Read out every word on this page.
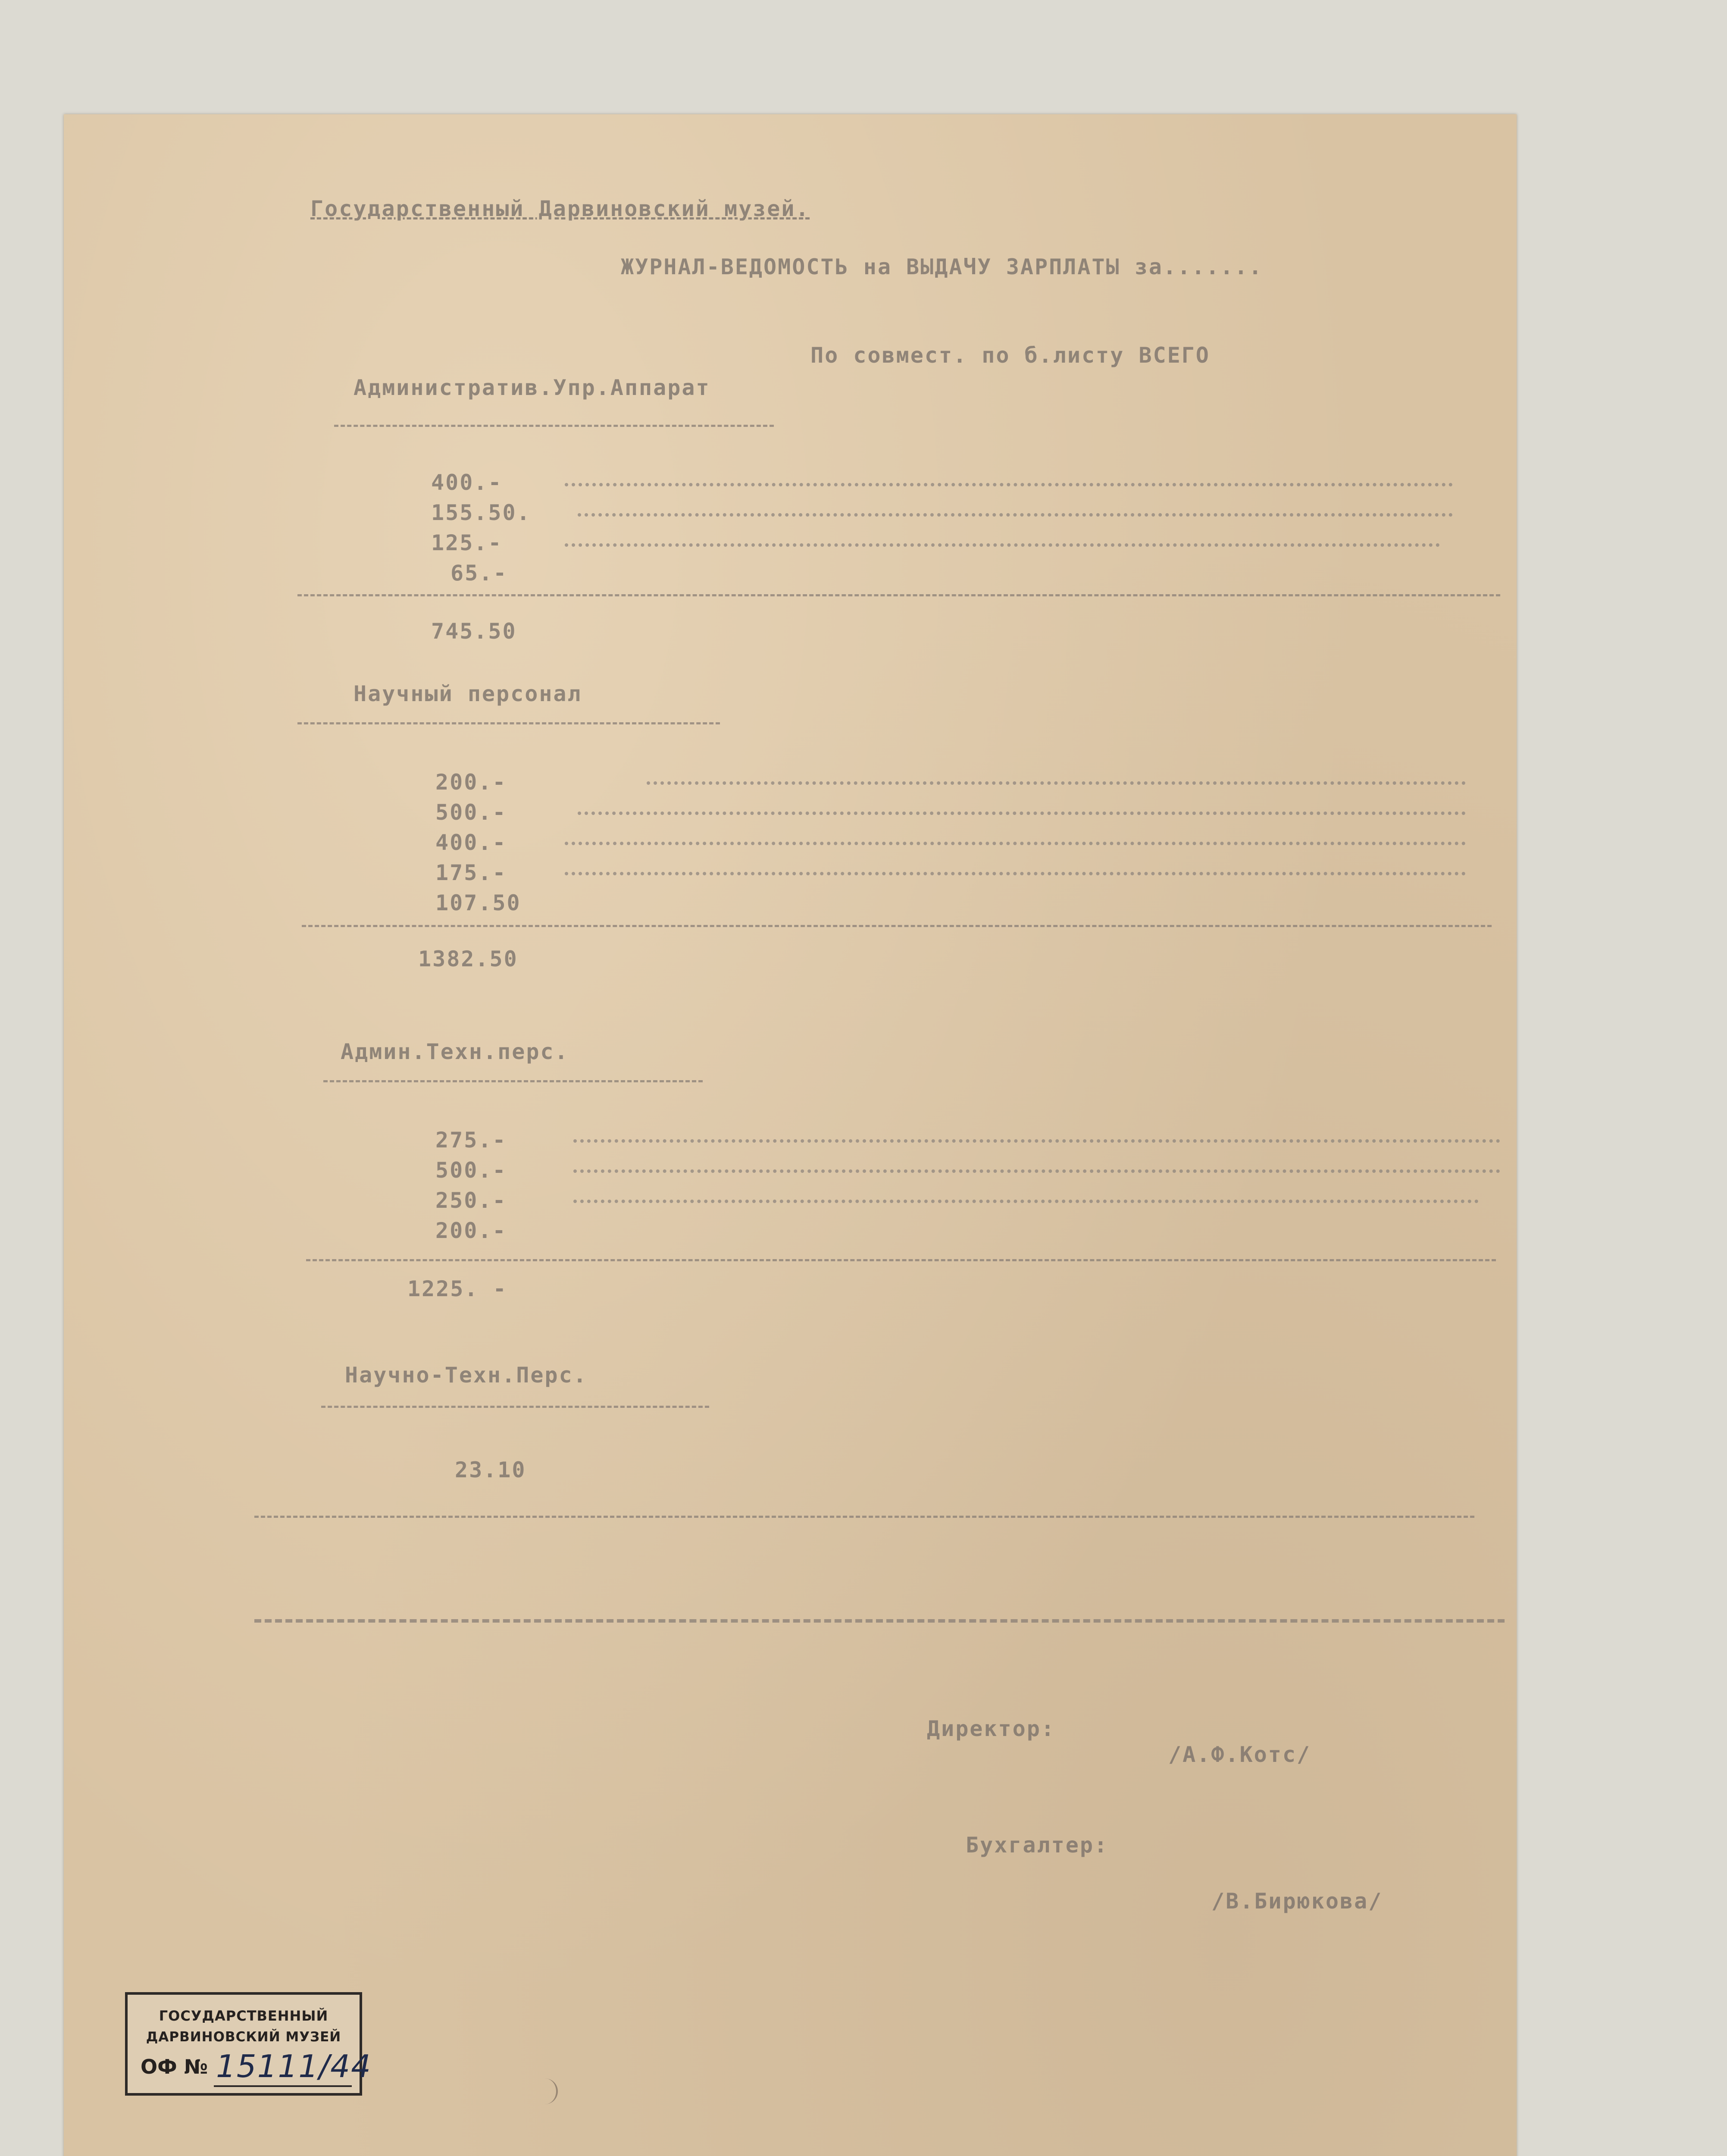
Государственный Дарвиновский музей.
ЖУРНАЛ-ВЕДОМОСТЬ на ВЫДАЧУ ЗАРПЛАТЫ за.......
По совмест. по б.листу ВСЕГО
Административ.Упр.Аппарат
400.-
155.50.
125.-
65.-
745.50
Научный персонал
200.-
500.-
400.-
175.-
107.50
1382.50
Админ.Техн.перс.
275.-
500.-
250.-
200.-
1225. -
Научно-Техн.Перс.
23.10
Директор:
/А.Ф.Котс/
Бухгалтер:
/В.Бирюкова/
ГОСУДАРСТВЕННЫЙ
ДАРВИНОВСКИЙ МУЗЕЙ
ОФ № 15111/44
